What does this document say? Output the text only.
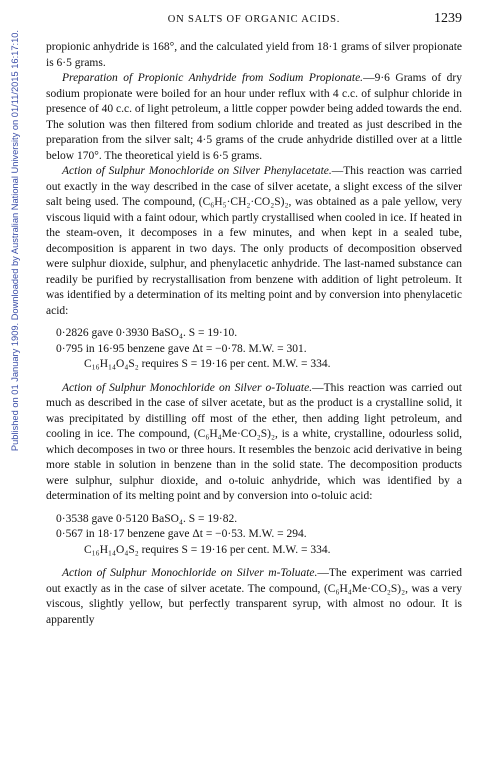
Published on 01 January 1909. Downloaded by Australian National University on 01/11/2015 16:17:10.
ON SALTS OF ORGANIC ACIDS.	1239

propionic anhydride is 168°, and the calculated yield from 18·1 grams of silver propionate is 6·5 grams.

Preparation of Propionic Anhydride from Sodium Propionate.—9·6 Grams of dry sodium propionate were boiled for an hour under reflux with 4 c.c. of sulphur chloride in presence of 40 c.c. of light petroleum, a little copper powder being added towards the end. The solution was then filtered from sodium chloride and treated as just described in the preparation from the silver salt; 4·5 grams of the crude anhydride distilled over at a little below 170°. The theoretical yield is 6·5 grams.

Action of Sulphur Monochloride on Silver Phenylacetate.—This reaction was carried out exactly in the way described in the case of silver acetate, a slight excess of the silver salt being used. The compound, (C₆H₅·CH₂·CO₂S)₂, was obtained as a pale yellow, very viscous liquid with a faint odour, which partly crystallised when cooled in ice. If heated in the steam-oven, it decomposes in a few minutes, and when kept in a sealed tube, decomposition is apparent in two days. The only products of decomposition observed were sulphur dioxide, sulphur, and phenylacetic anhydride. The last-named substance can readily be purified by recrystallisation from benzene with addition of light petroleum. It was identified by a determination of its melting point and by conversion into phenylacetic acid:

0·2826 gave 0·3930 BaSO₄. S = 19·10.
0·795 in 16·95 benzene gave Δt = −0·78. M.W. = 301.
C₁₆H₁₄O₄S₂ requires S = 19·16 per cent. M.W. = 334.

Action of Sulphur Monochloride on Silver o-Toluate.—This reaction was carried out much as described in the case of silver acetate, but as the product is a crystalline solid, it was precipitated by distilling off most of the ether, then adding light petroleum, and cooling in ice. The compound, (C₆H₄Me·CO₂S)₂, is a white, crystalline, odourless solid, which decomposes in two or three hours. It resembles the benzoic acid derivative in being more stable in solution in benzene than in the solid state. The decomposition products were sulphur, sulphur dioxide, and o-toluic anhydride, which was identified by a determination of its melting point and by conversion into o-toluic acid:

0·3538 gave 0·5120 BaSO₄. S = 19·82.
0·567 in 18·17 benzene gave Δt = −0·53. M.W. = 294.
C₁₆H₁₄O₄S₂ requires S = 19·16 per cent. M.W. = 334.

Action of Sulphur Monochloride on Silver m-Toluate.—The experiment was carried out exactly as in the case of silver acetate. The compound, (C₆H₄Me·CO₂S)₂, was a very viscous, slightly yellow, but perfectly transparent syrup, with almost no odour. It is apparently
